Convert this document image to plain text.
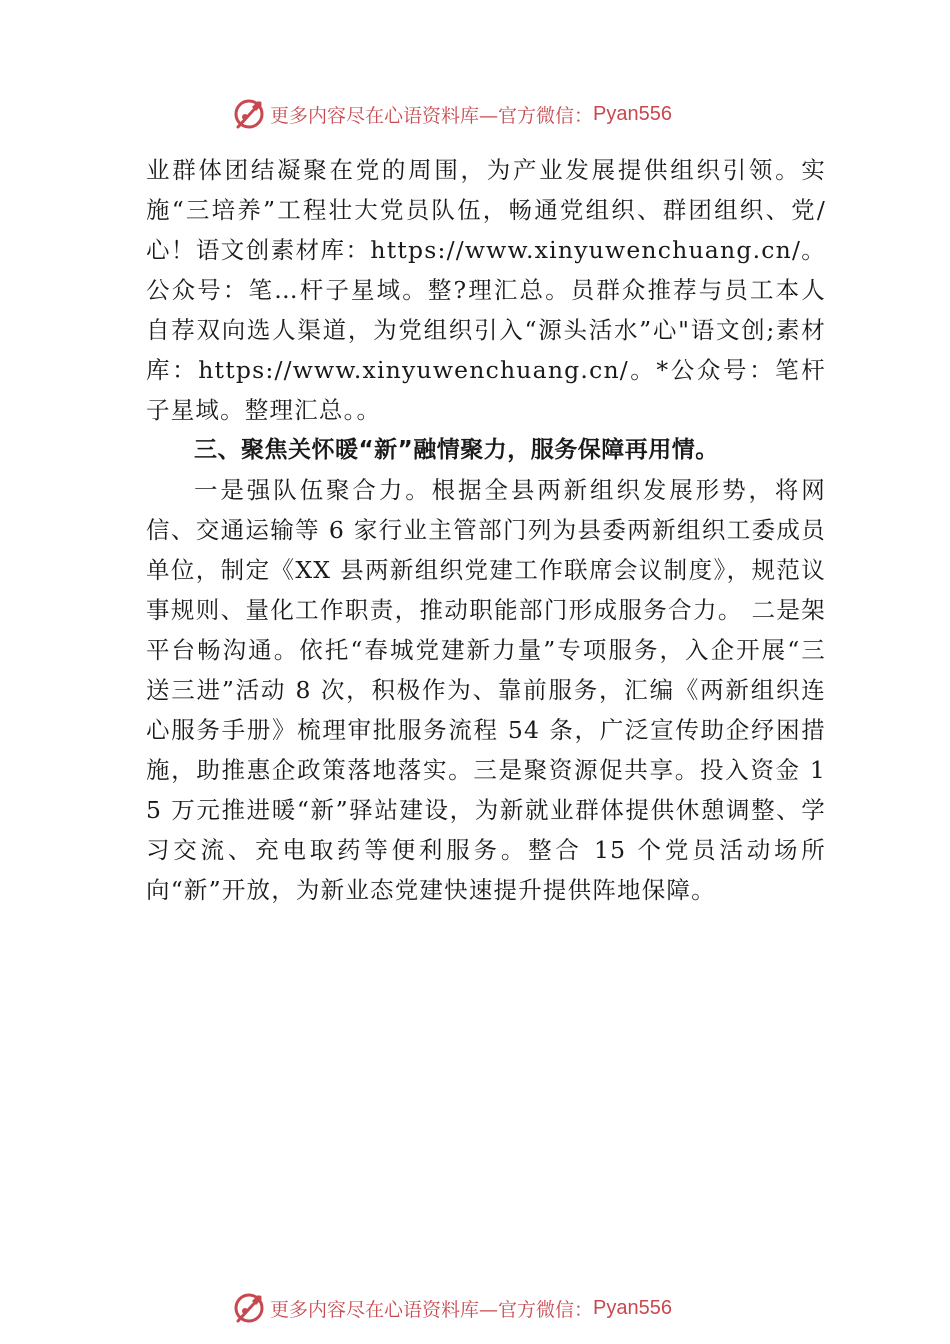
更多内容尽在心语资料库—官方微信： Pyan556

业群体团结凝聚在党的周围，为产业发展提供组织引领。实施“三培养”工程壮大党员队伍，畅通党组织、群团组织、党/心！语文创素材库：https://www.xinyuwenchuang.cn/。公众号：笔…杆子星域。整?理汇总。员群众推荐与员工本人自荐双向选人渠道，为党组织引入“源头活水”心"语文创;素材库：https://www.xinyuwenchuang.cn/。*公众号：笔杆子星域。整理汇总。。

三、聚焦关怀暖“新”融情聚力，服务保障再用情。

一是强队伍聚合力。根据全县两新组织发展形势，将网信、交通运输等 6 家行业主管部门列为县委两新组织工委成员单位，制定《XX 县两新组织党建工作联席会议制度》，规范议事规则、量化工作职责，推动职能部门形成服务合力。 二是架平台畅沟通。依托“春城党建新力量”专项服务，入企开展“三送三进”活动 8 次，积极作为、靠前服务，汇编《两新组织连心服务手册》梳理审批服务流程 54 条，广泛宣传助企纾困措施，助推惠企政策落地落实。三是聚资源促共享。投入资金 15 万元推进暖“新”驿站建设，为新就业群体提供休憩调整、学习交流、充电取药等便利服务。整合 15 个党员活动场所向“新”开放，为新业态党建快速提升提供阵地保障。

更多内容尽在心语资料库—官方微信： Pyan556
